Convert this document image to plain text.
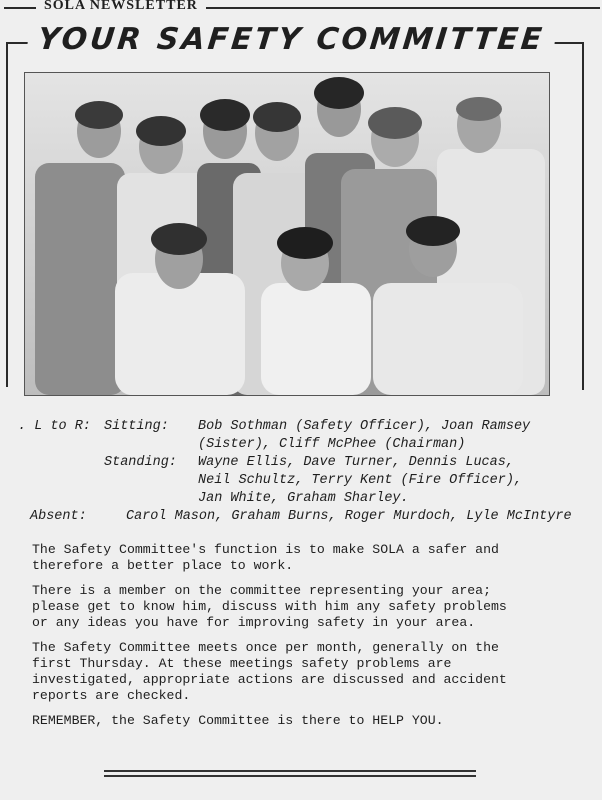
SOLA NEWSLETTER
YOUR SAFETY COMMITTEE
. L to R: Sitting:	Bob Sothman (Safety Officer), Joan Ramsey
(Sister), Cliff McPhee (Chairman)
Standing:	Wayne Ellis, Dave Turner, Dennis Lucas,
Neil Schultz, Terry Kent (Fire Officer),
Jan White, Graham Sharley.
Absent:	Carol Mason, Graham Burns, Roger Murdoch, Lyle McIntyre

The Safety Committee's function is to make SOLA a safer and
therefore a better place to work.

There is a member on the committee representing your area;
please get to know him, discuss with him any safety problems
or any ideas you have for improving safety in your area.

The Safety Committee meets once per month, generally on the
first Thursday. At these meetings safety problems are
investigated, appropriate actions are discussed and accident
reports are checked.

REMEMBER, the Safety Committee is there to HELP YOU.
